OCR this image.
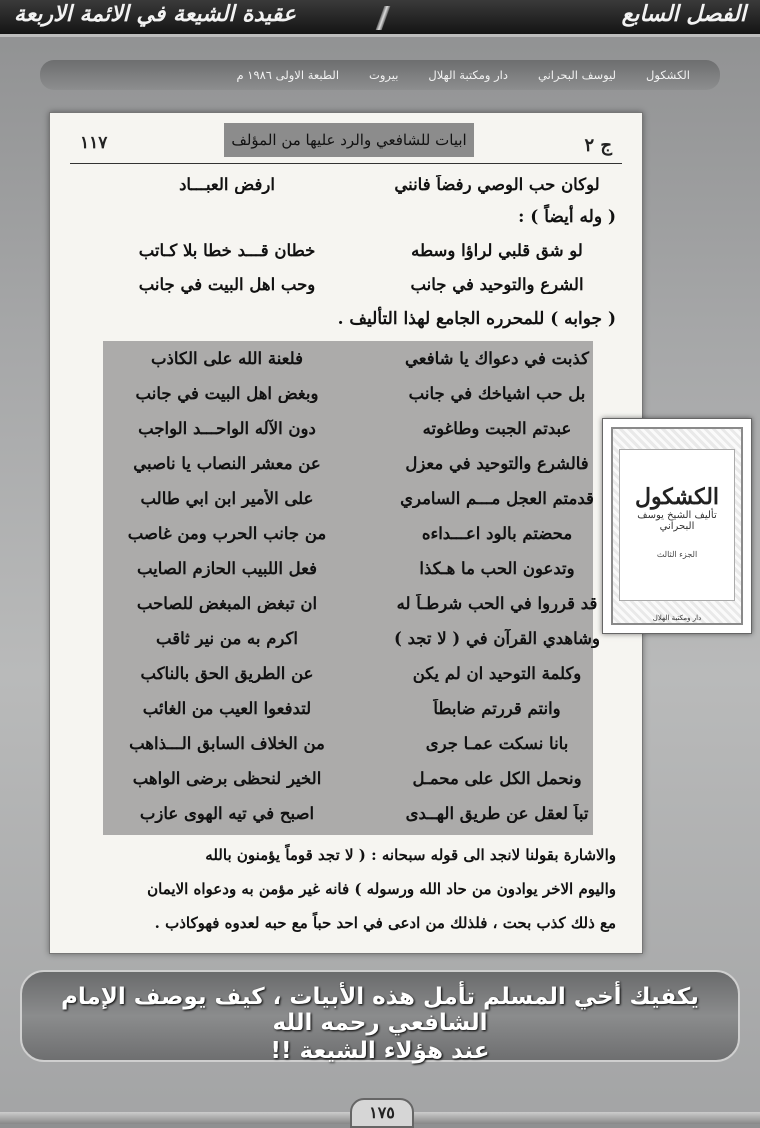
الفصل السابع
عقيدة الشيعة في الائمة الاربعة
الكشكول
ليوسف البحراني
دار ومكتبة الهلال
بيروت
الطبعة الاولى ١٩٨٦ م
ج ٢
ابيات للشافعي والرد عليها من المؤلف
١١٧
لوكان حب الوصي رفضاً فانني
ارفض العبـــاد
( وله أيضاً ) :
لو شق قلبي لراؤا وسطه
خطان قـــد خطا بلا كـاتب
الشرع والتوحيد في جانب
وحب اهل البيت في جانب
( جوابه ) للمحرره الجامع لهذا التأليف .
كذبت في دعواك يا شافعي
فلعنة الله على الكاذب
بل حب اشياخك في جانب
وبغض اهل البيت في جانب
عبدتم الجبت وطاغوته
دون الآله الواحـــد الواجب
فالشرع والتوحيد في معزل
عن معشر النصاب يا ناصبي
قدمتم العجل مـــم السامري
على الأمير ابن ابي طالب
محضتم بالود اعـــداءه
من جانب الحرب ومن غاصب
وتدعون الحب ما هـكذا
فعل اللبيب الحازم الصايب
قد قرروا في الحب شرطـاً له
ان تبغض المبغض للصاحب
وشاهدي القرآن في ( لا تجد )
اكرم به من نير ثاقب
وكلمة التوحيد ان لم يكن
عن الطريق الحق بالناكب
وانتم قررتم ضابطاً
لتدفعوا العيب من الغائب
بانا نسكت عمـا جرى
من الخلاف السابق الـــذاهب
ونحمل الكل على محمـل
الخير لنحظى برضى الواهب
تباً لعقل عن طريق الهــدى
اصبح في تيه الهوى عازب
والاشارة بقولنا لانجد الى قوله سبحانه : ( لا تجد قوماً يؤمنون بالله
واليوم الاخر يوادون من حاد الله ورسوله ) فانه غير مؤمن به ودعواه الايمان
مع ذلك كذب بحت ، فلذلك من ادعى في احد حباً مع حبه لعدوه فهوكاذب .
الكشكول
تأليف الشيخ يوسف البحراني
الجزء الثالث
دار ومكتبة الهلال
يكفيك أخي المسلم تأمل هذه الأبيات ، كيف يوصف الإمام الشافعي رحمه الله
عند هؤلاء الشيعة !!
١٧٥
